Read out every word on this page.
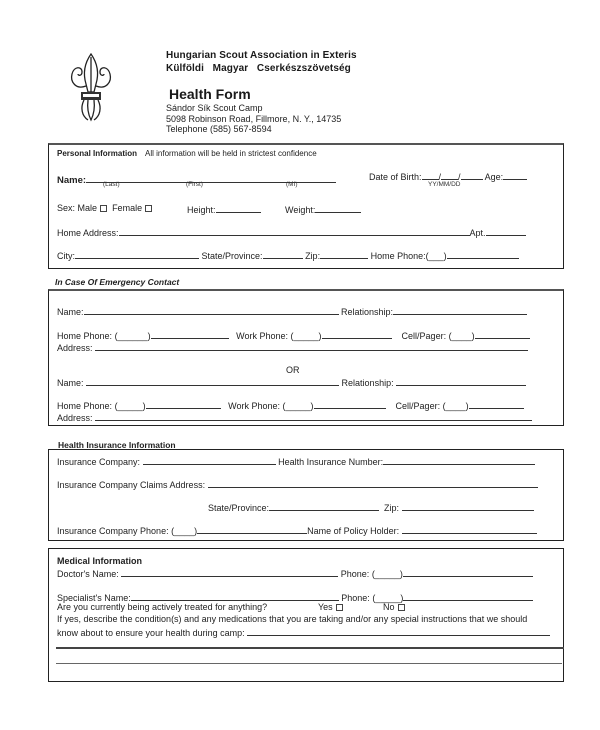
Hungarian Scout Association in Exteris
Külföldi   Magyar   Cserkészszövetség
Health Form
Sándor Sík Scout Camp
5098 Robinson Road, Fillmore, N. Y., 14735
Telephone (585) 567-8594
Personal Information All information will be held in strictest confidence
Name:	(Last)	(First)	(MI)
Date of Birth: / /	Age:
YY/MM/DD
Sex: Male Female	Height:	Weight:
Home Address:	Apt.
City:	State/Province:	Zip:	Home Phone:(___)
In Case Of Emergency Contact
Name:	Relationship:
Home Phone: (______)	Work Phone: (_____)	Cell/Pager: (____)
Address:
OR
Name:	Relationship:
Home Phone: (_____)	Work Phone: (_____)	Cell/Pager: (____)
Address:
Health Insurance Information
Insurance Company:	Health Insurance Number:
Insurance Company Claims Address:
State/Province:	Zip:
Insurance Company Phone: (____)	Name of Policy Holder:
Medical Information
Doctor's Name:	Phone: (_____)
Specialist's Name:	Phone: (_____)
Are you currently being actively treated for anything?	Yes	No
If yes, describe the condition(s) and any medications that you are taking and/or any special instructions that we should
know about to ensure your health during camp:
